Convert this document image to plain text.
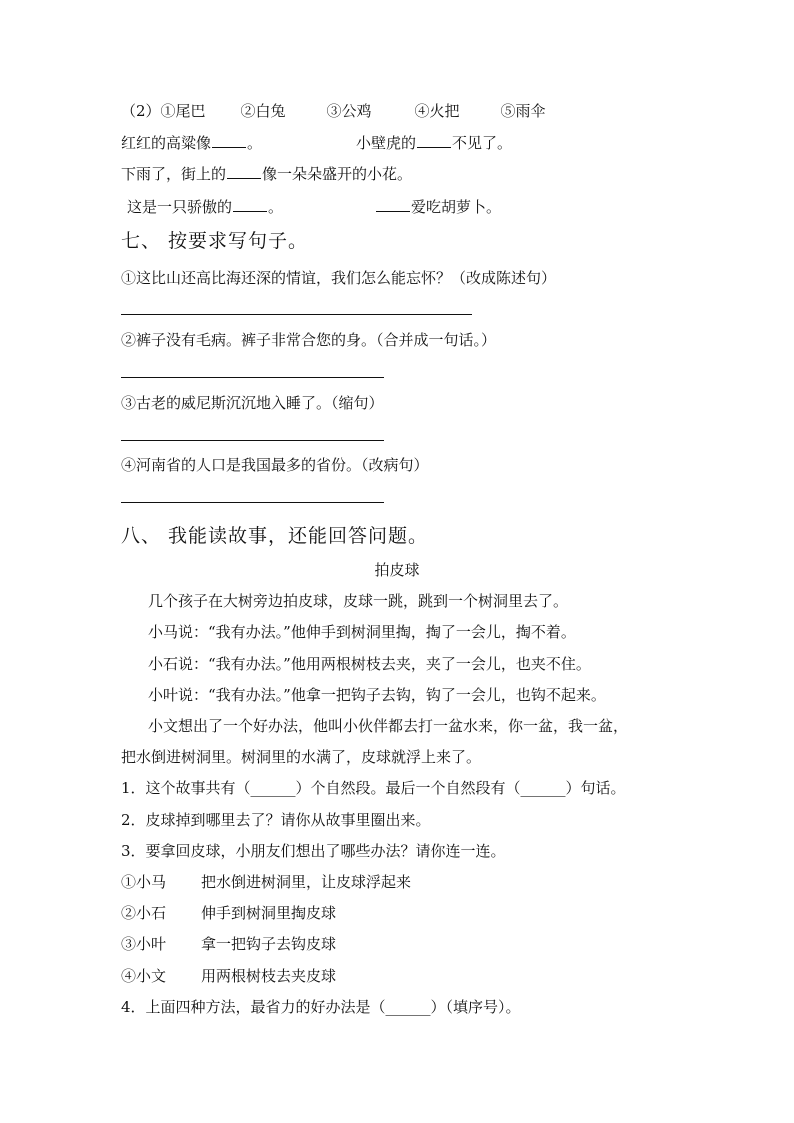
（2）①尾巴 ②白兔	③公鸡	④火把	⑤雨伞
红红的高粱像 。	小壁虎的 不见了。
下雨了，街上的 像一朵朵盛开的小花。
这是一只骄傲的 。	爱吃胡萝卜。
七、 按要求写句子。
①这比山还高比海还深的情谊，我们怎么能忘怀？（改成陈述句）
②裤子没有毛病。裤子非常合您的身。（合并成一句话。）
③古老的威尼斯沉沉地入睡了。（缩句）
④河南省的人口是我国最多的省份。（改病句）
八、 我能读故事，还能回答问题。
拍皮球
几个孩子在大树旁边拍皮球，皮球一跳，跳到一个树洞里去了。
小马说：“我有办法。”他伸手到树洞里掏，掏了一会儿，掏不着。
小石说：“我有办法。”他用两根树枝去夹，夹了一会儿，也夹不住。
小叶说：“我有办法。”他拿一把钩子去钩，钩了一会儿，也钩不起来。
小文想出了一个好办法，他叫小伙伴都去打一盆水来，你一盆，我一盆，
把水倒进树洞里。树洞里的水满了，皮球就浮上来了。
1．这个故事共有（______）个自然段。最后一个自然段有（______）句话。
2．皮球掉到哪里去了？请你从故事里圈出来。
3．要拿回皮球，小朋友们想出了哪些办法？请你连一连。
①小马 把水倒进树洞里，让皮球浮起来
②小石 伸手到树洞里掏皮球
③小叶 拿一把钩子去钩皮球
④小文 用两根树枝去夹皮球
4．上面四种方法，最省力的好办法是（______）（填序号）。
